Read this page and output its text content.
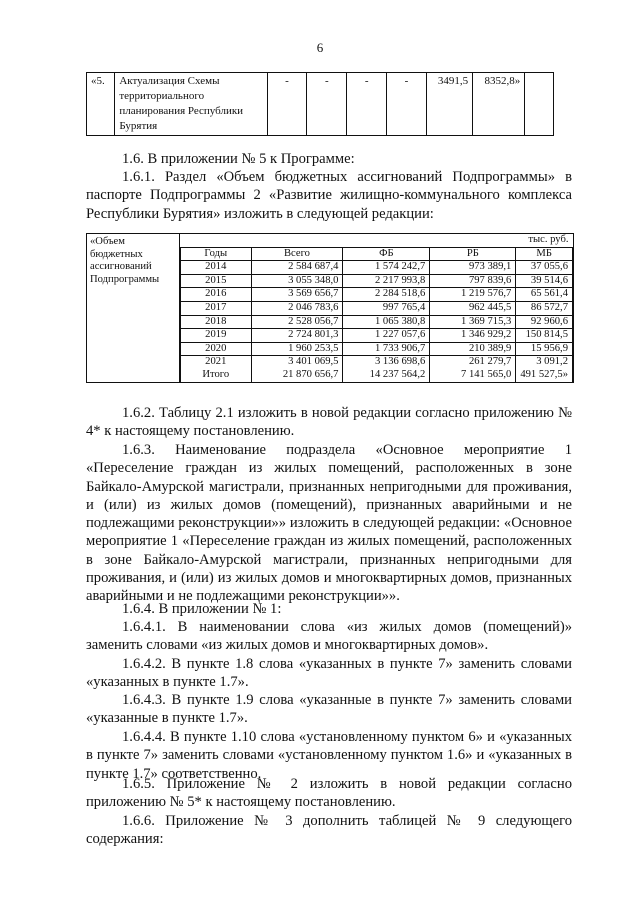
6
«5.	Актуализация Схемы территориального планирования Республики Бурятия	-	-	-	-	3491,5	8352,8»	

1.6. В приложении № 5 к Программе:

1.6.1. Раздел «Объем бюджетных ассигнований Подпрограммы» в паспорте Подпрограммы 2 «Развитие жилищно-коммунального комплекса Республики Бурятия» изложить в следующей редакции:

«Объем бюджетных ассигнований Подпрограммы

тыс. руб.
Годы	Всего	ФБ	РБ	МБ
2014	2 584 687,4	1 574 242,7	973 389,1	37 055,6
2015	3 055 348,0	2 217 993,8	797 839,6	39 514,6
2016	3 569 656,7	2 284 518,6	1 219 576,7	65 561,4
2017	2 046 783,6	997 765,4	962 445,5	86 572,7
2018	2 528 056,7	1 065 380,8	1 369 715,3	92 960,6
2019	2 724 801,3	1 227 057,6	1 346 929,2	150 814,5
2020	1 960 253,5	1 733 906,7	210 389,9	15 956,9
2021	3 401 069,5	3 136 698,6	261 279,7	3 091,2
Итого	21 870 656,7	14 237 564,2	7 141 565,0	491 527,5»

1.6.2. Таблицу 2.1 изложить в новой редакции согласно приложению № 4* к настоящему постановлению.

1.6.3. Наименование подраздела «Основное мероприятие 1 «Переселение граждан из жилых помещений, расположенных в зоне Байкало-Амурской магистрали, признанных непригодными для проживания, и (или) из жилых домов (помещений), признанных аварийными и не подлежащими реконструкции»» изложить в следующей редакции: «Основное мероприятие 1 «Переселение граждан из жилых помещений, расположенных в зоне Байкало-Амурской магистрали, признанных непригодными для проживания, и (или) из жилых домов и многоквартирных домов, признанных аварийными и не подлежащими реконструкции»».

1.6.4. В приложении № 1:

1.6.4.1. В наименовании слова «из жилых домов (помещений)» заменить словами «из жилых домов и многоквартирных домов».

1.6.4.2. В пункте 1.8 слова «указанных в пункте 7» заменить словами «указанных в пункте 1.7».

1.6.4.3. В пункте 1.9 слова «указанные в пункте 7» заменить словами «указанные в пункте 1.7».

1.6.4.4. В пункте 1.10 слова «установленному пунктом 6» и «указанных в пункте 7» заменить словами «установленному пунктом 1.6» и «указанных в пункте 1.7» соответственно.

1.6.5. Приложение № 2 изложить в новой редакции согласно приложению № 5* к настоящему постановлению.

1.6.6. Приложение № 3 дополнить таблицей № 9 следующего содержания:
